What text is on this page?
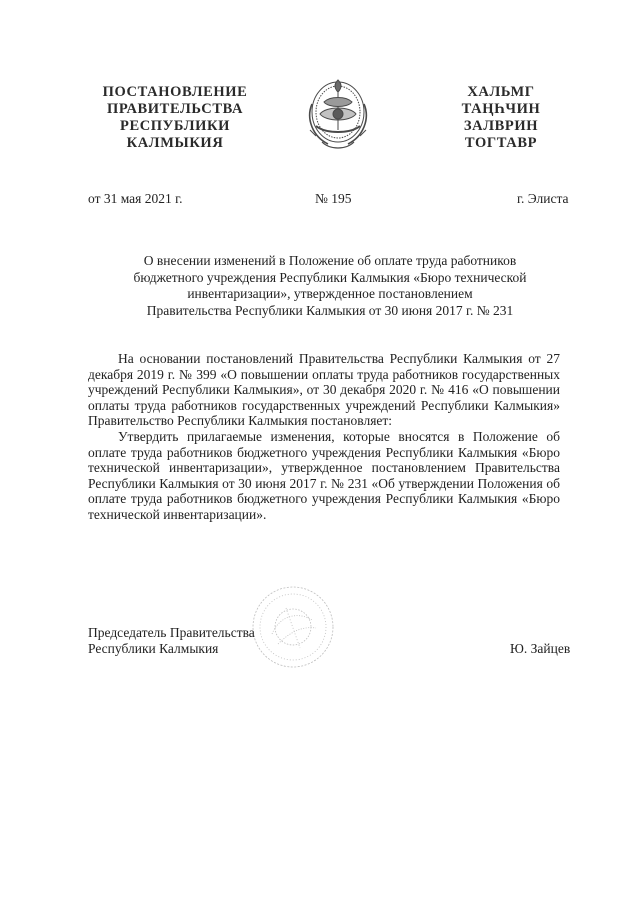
ПОСТАНОВЛЕНИЕ
ПРАВИТЕЛЬСТВА
РЕСПУБЛИКИ
КАЛМЫКИЯ
ХАЛЬМГ
ТАҢҺЧИН
ЗАЛВРИН
ТОГТАВР
от 31 мая 2021 г.	№ 195	г. Элиста
О внесении изменений в Положение об оплате труда работников
бюджетного учреждения Республики Калмыкия «Бюро технической
инвентаризации», утвержденное постановлением
Правительства Республики Калмыкия от 30 июня 2017 г. № 231

На основании постановлений Правительства Республики Калмыкия от 27 декабря 2019 г. № 399 «О повышении оплаты труда работников государственных учреждений Республики Калмыкия», от 30 декабря 2020 г. № 416 «О повышении оплаты труда работников государственных учреждений Республики Калмыкия» Правительство Республики Калмыкия постановляет:

Утвердить прилагаемые изменения, которые вносятся в Положение об оплате труда работников бюджетного учреждения Республики Калмыкия «Бюро технической инвентаризации», утвержденное постановлением Правительства Республики Калмыкия от 30 июня 2017 г. № 231 «Об утверждении Положения об оплате труда работников бюджетного учреждения Республики Калмыкия «Бюро технической инвентаризации».

Председатель Правительства
Республики Калмыкия	Ю. Зайцев
